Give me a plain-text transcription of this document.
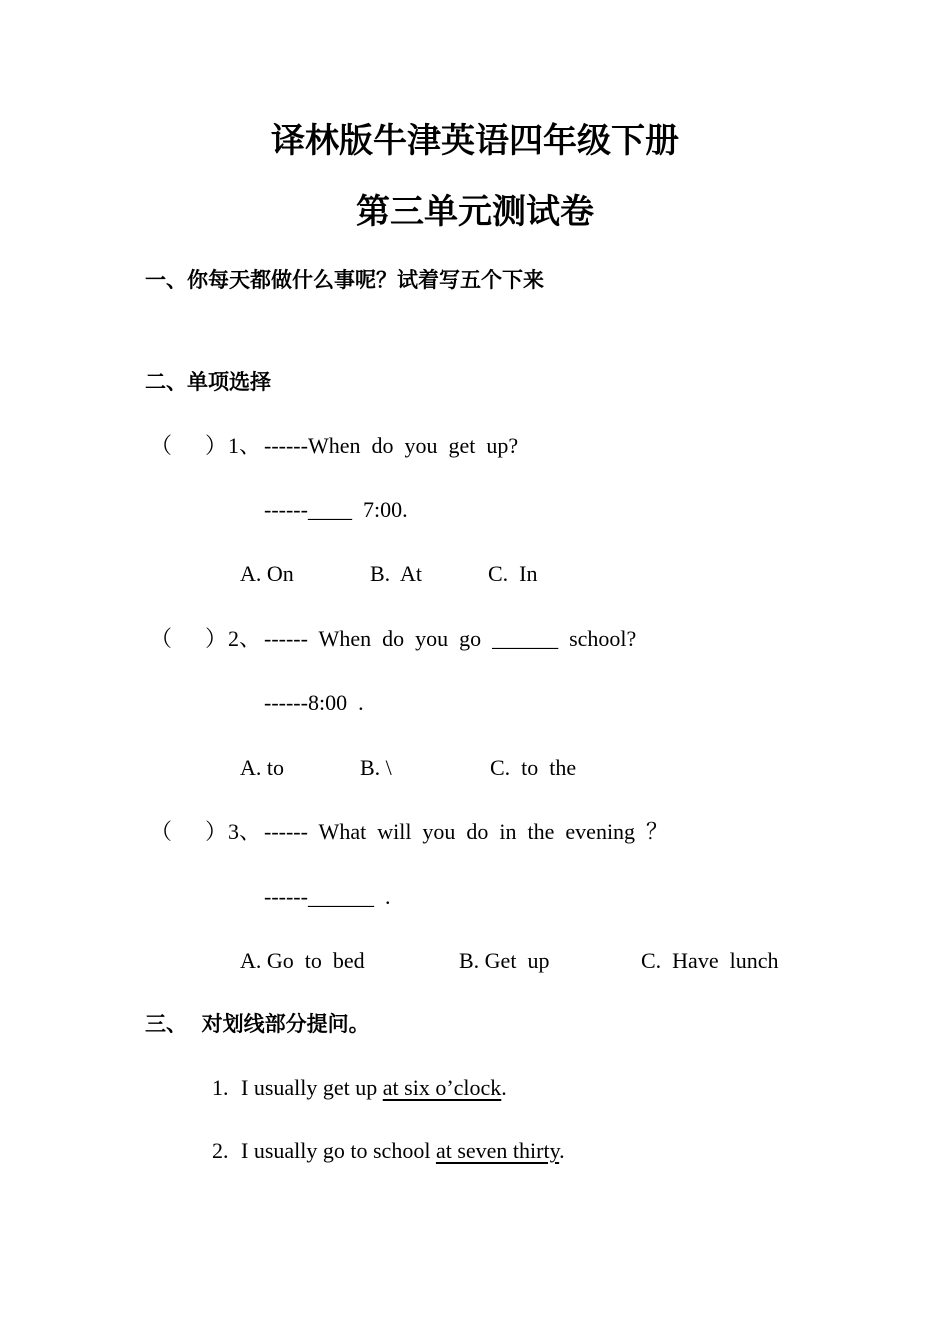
译林版牛津英语四年级下册
第三单元测试卷
一、你每天都做什么事呢？试着写五个下来
二、单项选择
（      ） 1、 ------When  do  you  get  up?
------____  7:00.
A. On	B.  At	C.  In
（      ） 2、 ------  When  do  you  go  ______  school?
------8:00  .
A. to	B. \	C.  to  the
（      ） 3、 ------  What  will  you  do  in  the  evening  ？
------______  .
A. Go  to  bed	B. Get  up	C.  Have  lunch
三、  对划线部分提问。
1. I usually get up at six o’clock.
2. I usually go to school at seven thirty.
